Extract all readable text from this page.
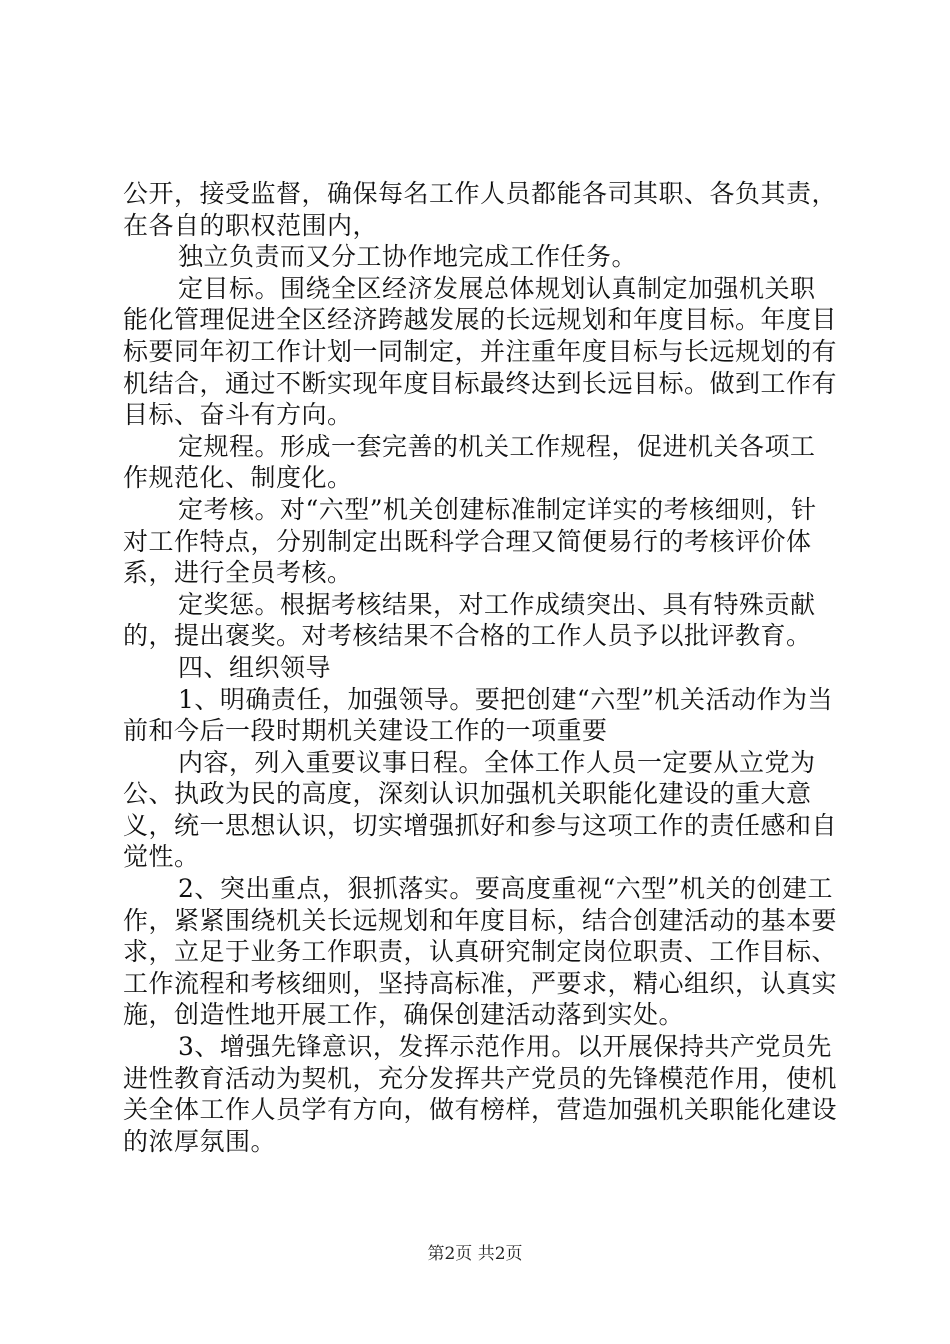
公开，接受监督，确保每名工作人员都能各司其职、各负其责，在各自的职权范围内，

独立负责而又分工协作地完成工作任务。

定目标。围绕全区经济发展总体规划认真制定加强机关职能化管理促进全区经济跨越发展的长远规划和年度目标。年度目标要同年初工作计划一同制定，并注重年度目标与长远规划的有机结合，通过不断实现年度目标最终达到长远目标。做到工作有目标、奋斗有方向。

定规程。形成一套完善的机关工作规程，促进机关各项工作规范化、制度化。

定考核。对“六型”机关创建标准制定详实的考核细则，针对工作特点，分别制定出既科学合理又简便易行的考核评价体系，进行全员考核。

定奖惩。根据考核结果，对工作成绩突出、具有特殊贡献的，提出褒奖。对考核结果不合格的工作人员予以批评教育。

四、组织领导

1、明确责任，加强领导。要把创建“六型”机关活动作为当前和今后一段时期机关建设工作的一项重要

内容，列入重要议事日程。全体工作人员一定要从立党为公、执政为民的高度，深刻认识加强机关职能化建设的重大意义，统一思想认识，切实增强抓好和参与这项工作的责任感和自觉性。

2、突出重点，狠抓落实。要高度重视“六型”机关的创建工作，紧紧围绕机关长远规划和年度目标，结合创建活动的基本要求，立足于业务工作职责，认真研究制定岗位职责、工作目标、工作流程和考核细则，坚持高标准，严要求，精心组织，认真实施，创造性地开展工作，确保创建活动落到实处。

3、增强先锋意识，发挥示范作用。以开展保持共产党员先进性教育活动为契机，充分发挥共产党员的先锋模范作用，使机关全体工作人员学有方向，做有榜样，营造加强机关职能化建设的浓厚氛围。

第2页 共2页
